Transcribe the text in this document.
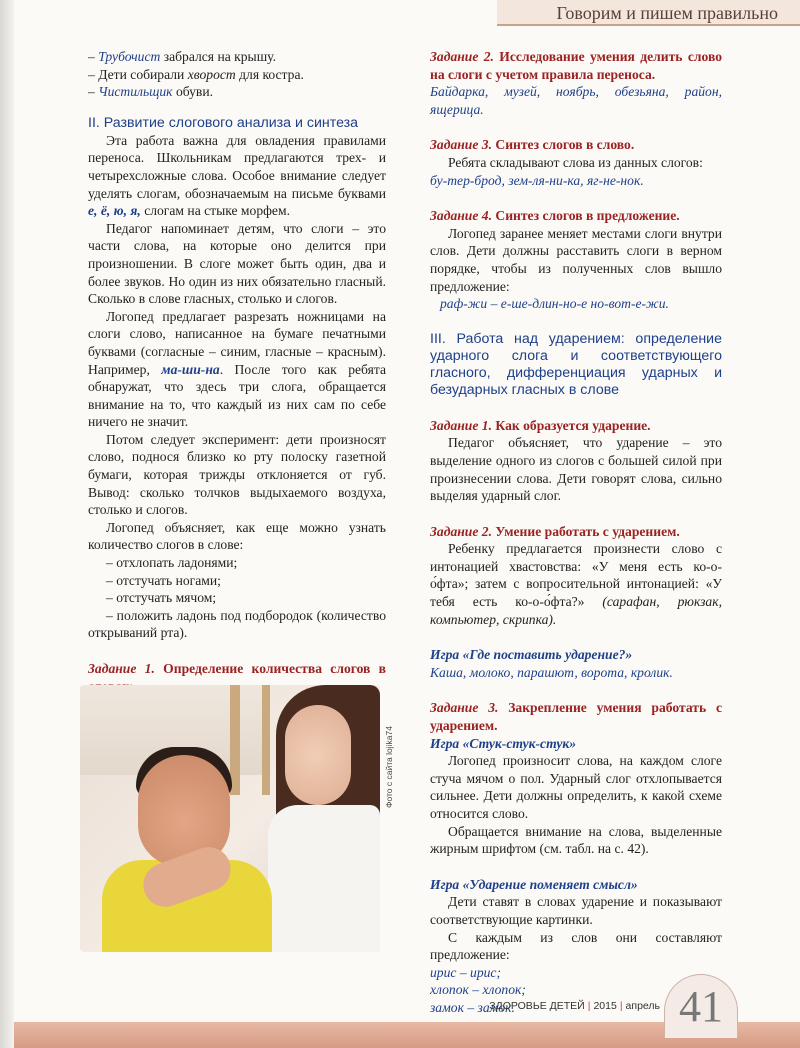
Говорим и пишем правильно

– Трубочист забрался на крышу.

– Дети собирали хворост для костра.

– Чистильщик обуви.

II. Развитие слогового анализа и синтеза

Эта работа важна для овладения правилами переноса. Школьникам предлагаются трех- и четырехсложные слова. Особое внимание следует уделять слогам, обозначаемым на письме буквами е, ё, ю, я, слогам на стыке морфем.

Педагог напоминает детям, что слоги – это части слова, на которые оно делится при произношении. В слоге может быть один, два и более звуков. Но один из них обязательно гласный. Сколько в слове гласных, столько и слогов.

Логопед предлагает разрезать ножницами на слоги слово, написанное на бумаге печатными буквами (согласные – синим, гласные – красным). Например, ма-ши-на. После того как ребята обнаружат, что здесь три слога, обращается внимание на то, что каждый из них сам по себе ничего не значит.

Потом следует эксперимент: дети произносят слово, поднося близко ко рту полоску газетной бумаги, которая трижды отклоняется от губ. Вывод: сколько толчков выдыхаемого воздуха, столько и слогов.

Логопед объясняет, как еще можно узнать количество слогов в слове:

– отхлопать ладонями;

– отстучать ногами;

– отстучать мячом;

– положить ладонь под подбородок (количество открываний рта).

Задание 1. Определение количества слогов в

Фото с сайта lojika74

Задание 2. Исследование умения делить слово на слоги с учетом правила переноса.

Байдарка, музей, ноябрь, обезьяна, район, ящерица.

Задание 3. Синтез слогов в слово.

Ребята складывают слова из данных слогов:

бу-тер-брод, зем-ля-ни-ка, яг-не-нок.

Задание 4. Синтез слогов в предложение.

Логопед заранее меняет местами слоги внутри слов. Дети должны расставить слоги в верном порядке, чтобы из полученных слов вышло предложение:

раф-жи – е-ше-длин-но-е но-вот-е-жи.

III. Работа над ударением: определение ударного слога и соответствующего гласного, дифференциация ударных и безударных гласных в слове

Задание 1. Как образуется ударение.

Педагог объясняет, что ударение – это выделение одного из слогов с большей силой при произнесении слова. Дети говорят слова, сильно выделяя ударный слог.

Задание 2. Умение работать с ударением.

Ребенку предлагается произнести слово с интонацией хвастовства: «У меня есть ко-о-о́фта»; затем с вопросительной интонацией: «У тебя есть ко-о-о́фта?» (сарафан, рюкзак, компьютер, скрипка).

Игра «Где поставить ударение?»

Каша, молоко, парашют, ворота, кролик.

Задание 3. Закрепление умения работать с ударением.

Игра «Стук-стук-стук»

Логопед произносит слова, на каждом слоге стуча мячом о пол. Ударный слог отхлопывается сильнее. Дети должны определить, к какой схеме относится слово.

Обращается внимание на слова, выделенные жирным шрифтом (см. табл. на с. 42).

Игра «Ударение поменяет смысл»

Дети ставят в словах ударение и показывают соответствующие картинки.

С каждым из слов они составляют предложение:

ирис – ирис;

хлопок – хлопок;

замок – замок.

ЗДОРОВЬЕ ДЕТЕЙ | 2015 | апрель 41
